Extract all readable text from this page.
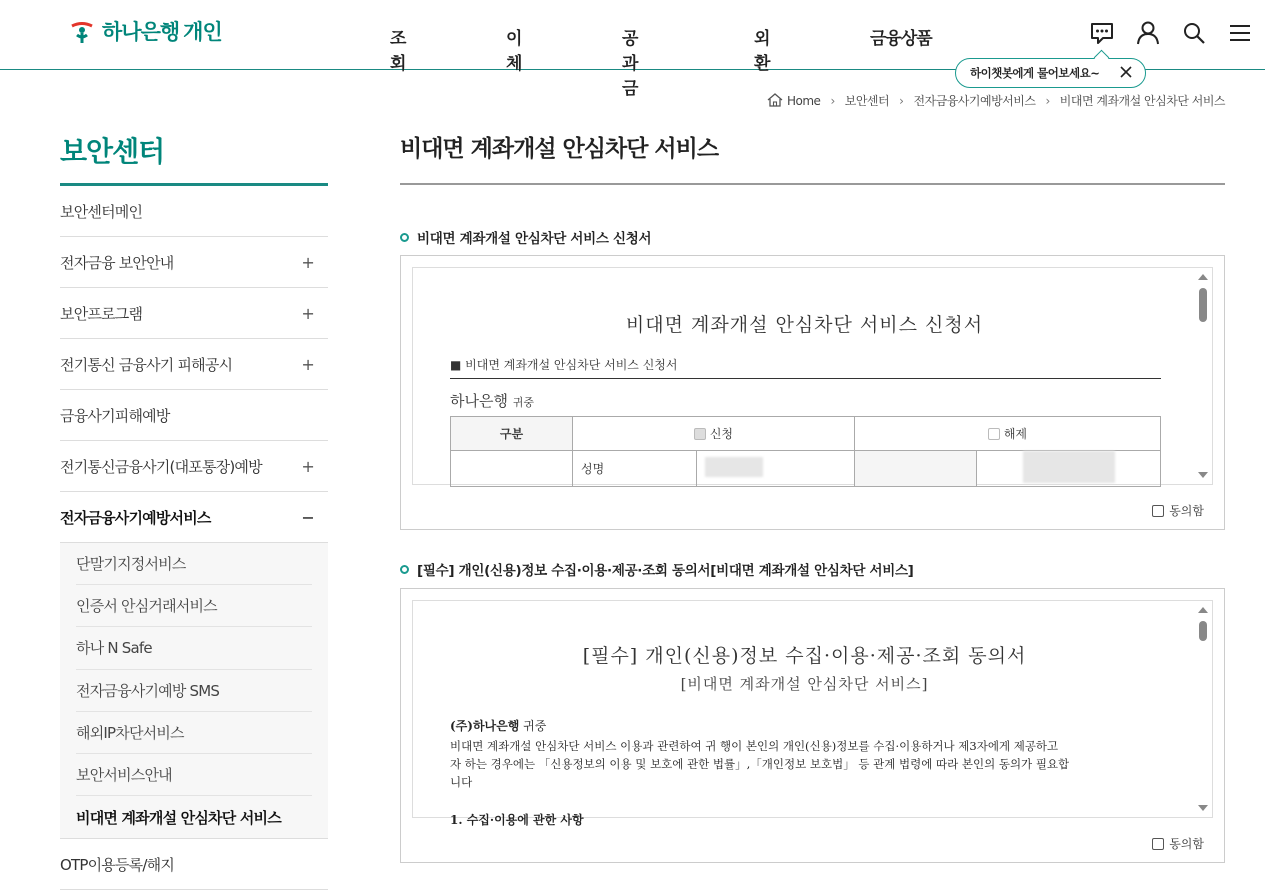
하나은행 개인	조회
이체
공과금
외환
금융상품
하이챗봇에게 물어보세요~
Home › 보안센터 › 전자금융사기예방서비스 › 비대면 계좌개설 안심차단 서비스
보안센터
보안센터메인
전자금융 보안안내	+
보안프로그램	+
전기통신 금융사기 피해공시	+
금융사기피해예방
전기통신금융사기(대포통장)예방 +
전자금융사기예방서비스	−
단말기지정서비스
인증서 안심거래서비스
하나 N Safe
전자금융사기예방 SMS
해외IP차단서비스
보안서비스안내
비대면 계좌개설 안심차단 서비스
OTP이용등록/해지
비대면 계좌개설 안심차단 서비스
비대면 계좌개설 안심차단 서비스 신청서
비대면 계좌개설 안심차단 서비스 신청서
■ 비대면 계좌개설 안심차단 서비스 신청서
하나은행 귀중
구분	신청		해제	
	성명			
동의함
[필수] 개인(신용)정보 수집·이용·제공·조회 동의서[비대면 계좌개설 안심차단 서비스]
[필수] 개인(신용)정보 수집·이용·제공·조회 동의서
[비대면 계좌개설 안심차단 서비스]
(주)하나은행 귀중
비대면 계좌개설 안심차단 서비스 이용과 관련하여 귀 행이 본인의 개인(신용)정보를 수집·이용하거나 제3자에게 제공하고
자 하는 경우에는 「신용정보의 이용 및 보호에 관한 법률」,「개인정보 보호법」 등 관계 법령에 따라 본인의 동의가 필요합
니다
1. 수집·이용에 관한 사항
동의함
